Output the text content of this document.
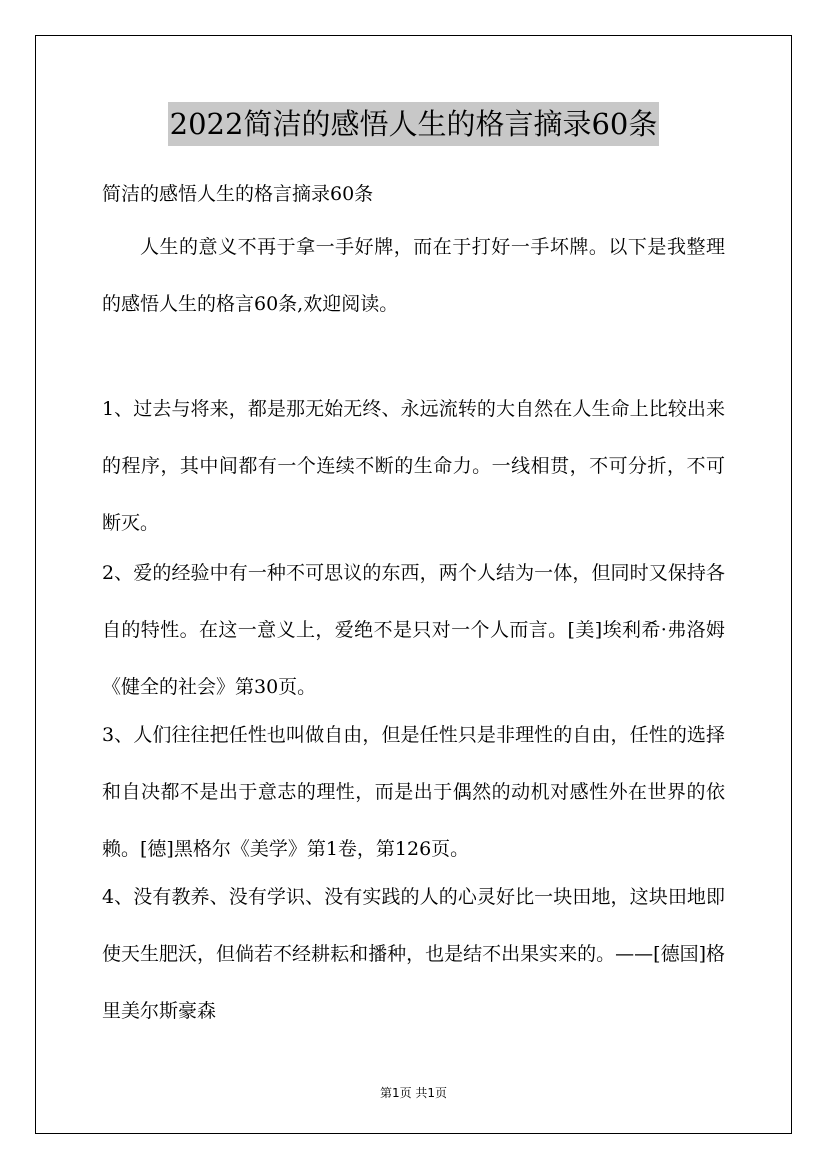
2022简洁的感悟人生的格言摘录60条

简洁的感悟人生的格言摘录60条

人生的意义不再于拿一手好牌，而在于打好一手坏牌。以下是我整理的感悟人生的格言60条,欢迎阅读。

1、过去与将来，都是那无始无终、永远流转的大自然在人生命上比较出来的程序，其中间都有一个连续不断的生命力。一线相贯，不可分折，不可断灭。

2、爱的经验中有一种不可思议的东西，两个人结为一体，但同时又保持各自的特性。在这一意义上，爱绝不是只对一个人而言。[美]埃利希·弗洛姆《健全的社会》第30页。

3、人们往往把任性也叫做自由，但是任性只是非理性的自由，任性的选择和自决都不是出于意志的理性，而是出于偶然的动机对感性外在世界的依赖。[德]黑格尔《美学》第1卷，第126页。

4、没有教养、没有学识、没有实践的人的心灵好比一块田地，这块田地即使天生肥沃，但倘若不经耕耘和播种，也是结不出果实来的。——[德国]格里美尔斯豪森

第1页 共1页
